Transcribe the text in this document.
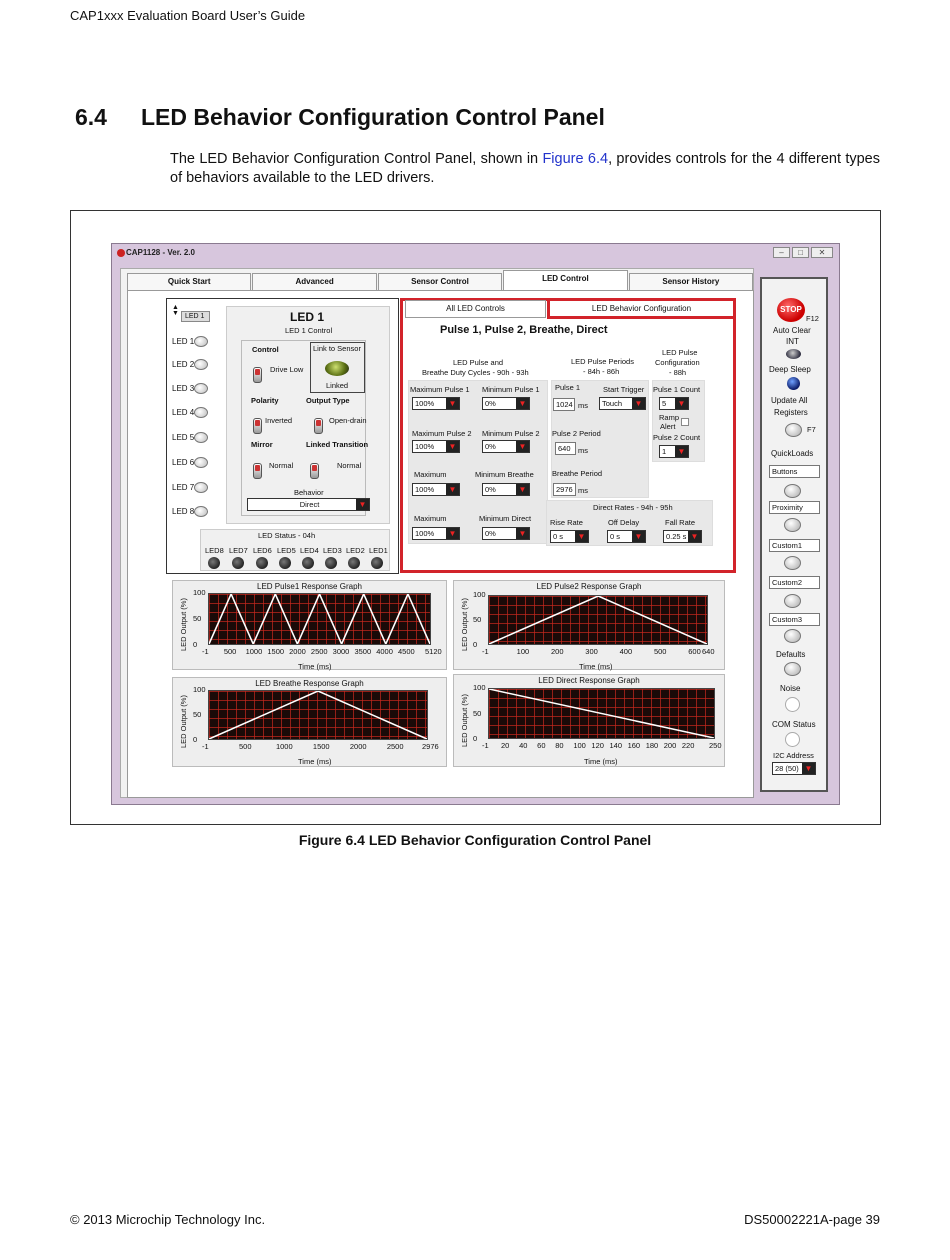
CAP1xxx Evaluation Board User’s Guide
6.4 LED Behavior Configuration Control Panel
The LED Behavior Configuration Control Panel, shown in Figure 6.4, provides controls for the 4 different types of behaviors available to the LED drivers.
CAP1128 - Ver. 2.0	–	□	✕
Quick Start	Advanced	Sensor Control	LED Control	Sensor History
▲
▼ LED 1
LED 1
LED 2
LED 3
LED 4
LED 5
LED 6
LED 7
LED 8
LED 1
LED 1 Control
Control
Drive Low
Link to Sensor
Linked
Polarity	Output Type
Inverted	Open-drain
Mirror	Linked Transition
Normal	Normal
Behavior
Direct	▼
LED Status - 04h
LED8 LED7 LED6 LED5 LED4 LED3 LED2 LED1
All LED Controls	LED Behavior Configuration
Pulse 1, Pulse 2, Breathe, Direct
LED Pulse and
Breathe Duty Cycles - 90h - 93h
LED Pulse Periods
- 84h - 86h
LED Pulse
Configuration
- 88h
Maximum Pulse 1 Minimum Pulse 1
100%	▼	0%	▼
Maximum Pulse 2 Minimum Pulse 2
100%	▼	0%	▼
Maximum	Minimum Breathe
100%	▼	0%	▼
Maximum	Minimum Direct
100%	▼	0%	▼
Pulse 1	Start Trigger
1024 ms	Touch	▼
Pulse 2 Period
640 ms
Breathe Period
2976 ms
Pulse 1 Count
5	▼
Ramp
Alert
Pulse 2 Count
1	▼
Direct Rates - 94h - 95h
Rise Rate	Off Delay	Fall Rate
0 s	▼	0 s	▼	0.25 s ▼
STOP
F12
Auto Clear
INT
Deep Sleep
Update All
Registers
F7
QuickLoads
Buttons
Proximity
Custom1
Custom2
Custom3
Defaults
Noise
COM Status
I2C Address
28 (50) ▼
LED Pulse1 Response Graph
LED Output (%)
Time (ms)
-1 500 1000 1500 2000 2500 3000 3500 4000 4500 5120
0
50
100
LED Pulse2 Response Graph
LED Output (%)
Time (ms)
-1	100	200	300	400	500	600 640
0
50
100
LED Breathe Response Graph
LED Output (%)
Time (ms)
-1	500	1000	1500	2000	2500 2976
0
50
100
LED Direct Response Graph
LED Output (%)
Time (ms)
-1 20 40 60 80 100 120 140 160 180 200 220 250
0
50
100
Figure 6.4 LED Behavior Configuration Control Panel
© 2013 Microchip Technology Inc.	DS50002221A-page 39
